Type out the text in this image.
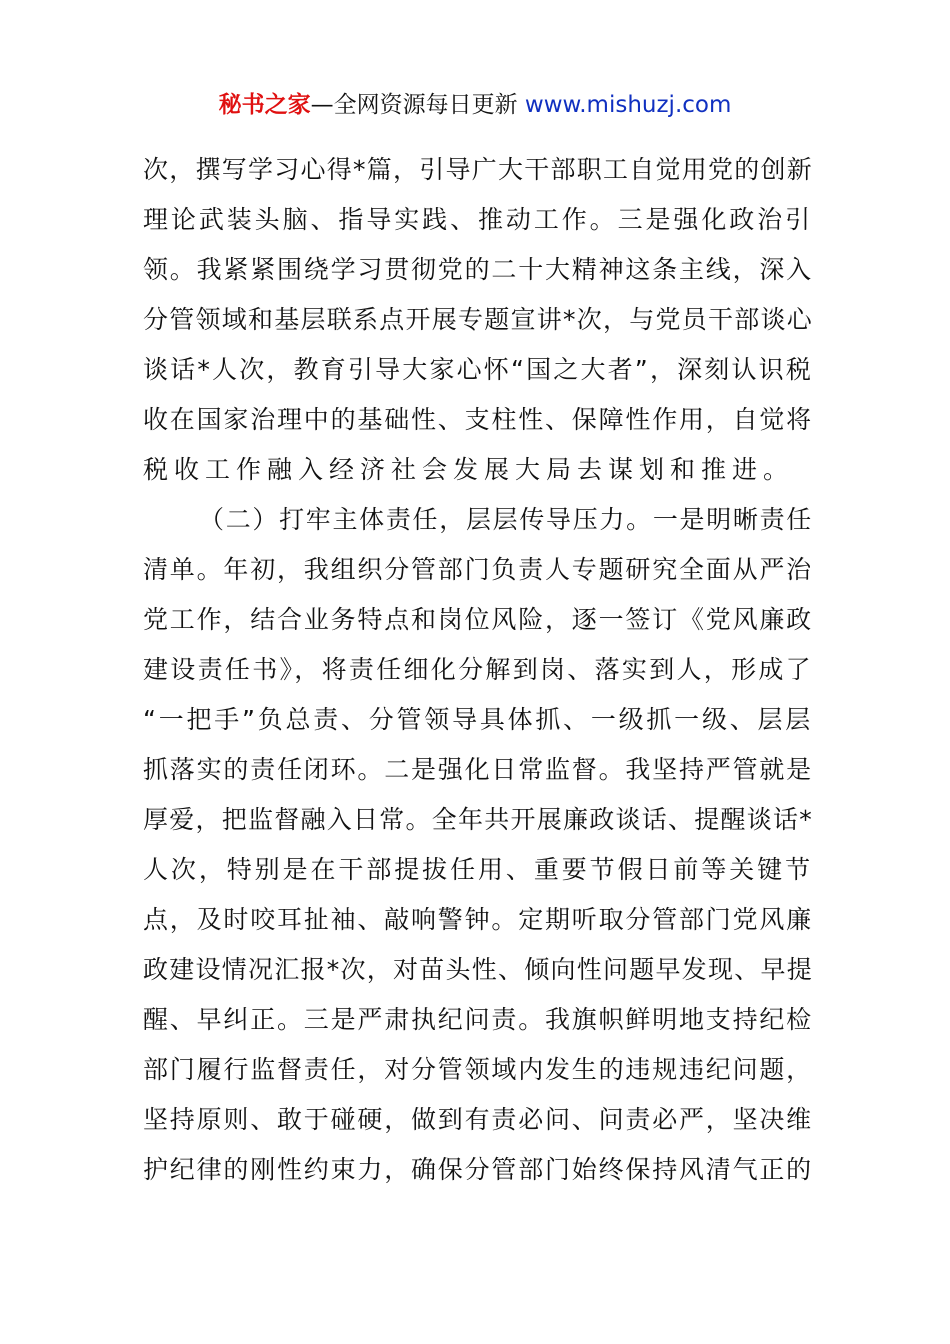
秘书之家—全网资源每日更新 www.mishuzj.com
次，撰写学习心得*篇，引导广大干部职工自觉用党的创新
理论武装头脑、指导实践、推动工作。三是强化政治引
领。我紧紧围绕学习贯彻党的二十大精神这条主线，深入
分管领域和基层联系点开展专题宣讲*次，与党员干部谈心
谈话*人次，教育引导大家心怀“国之大者”，深刻认识税
收在国家治理中的基础性、支柱性、保障性作用，自觉将
税收工作融入经济社会发展大局去谋划和推进。
（二）打牢主体责任，层层传导压力。一是明晰责任
清单。年初，我组织分管部门负责人专题研究全面从严治
党工作，结合业务特点和岗位风险，逐一签订《党风廉政
建设责任书》，将责任细化分解到岗、落实到人，形成了
“一把手”负总责、分管领导具体抓、一级抓一级、层层
抓落实的责任闭环。二是强化日常监督。我坚持严管就是
厚爱，把监督融入日常。全年共开展廉政谈话、提醒谈话*
人次，特别是在干部提拔任用、重要节假日前等关键节
点，及时咬耳扯袖、敲响警钟。定期听取分管部门党风廉
政建设情况汇报*次，对苗头性、倾向性问题早发现、早提
醒、早纠正。三是严肃执纪问责。我旗帜鲜明地支持纪检
部门履行监督责任，对分管领域内发生的违规违纪问题，
坚持原则、敢于碰硬，做到有责必问、问责必严，坚决维
护纪律的刚性约束力，确保分管部门始终保持风清气正的
